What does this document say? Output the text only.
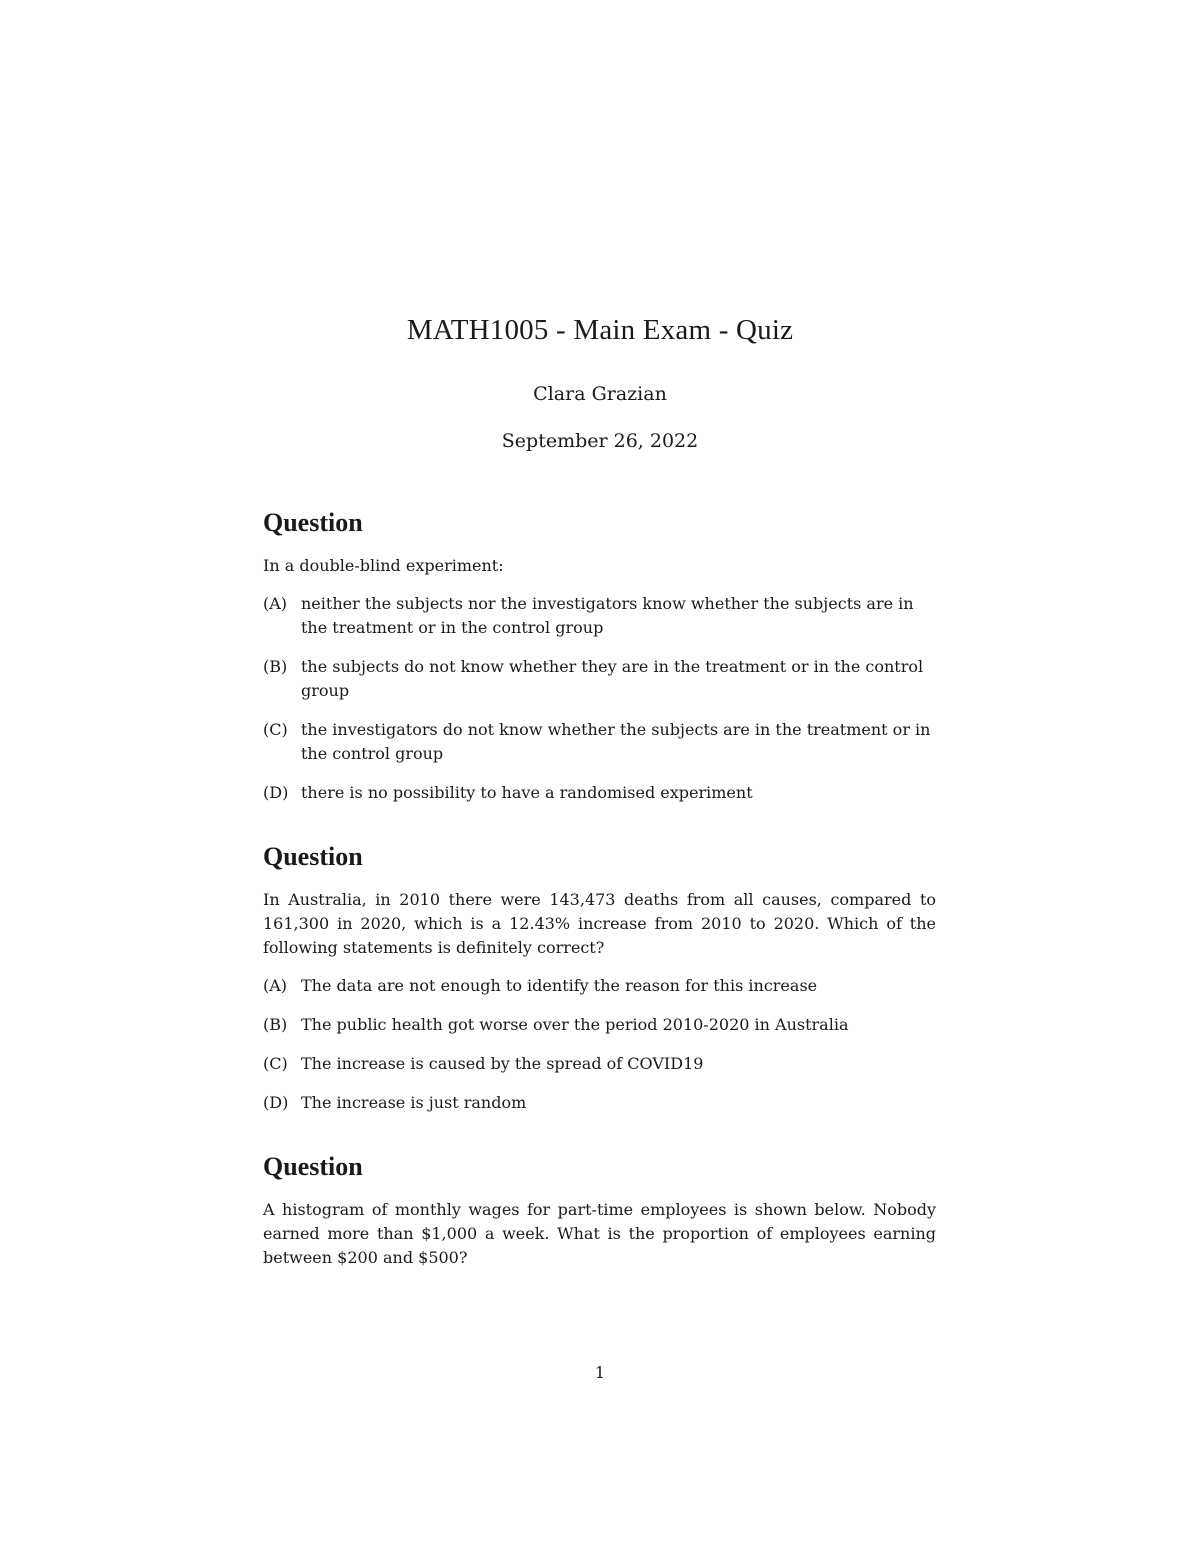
MATH1005 - Main Exam - Quiz
Clara Grazian
September 26, 2022
Question

In a double-blind experiment:

(A) neither the subjects nor the investigators know whether the subjects are in the treatment or in the control group
(B) the subjects do not know whether they are in the treatment or in the control group
(C) the investigators do not know whether the subjects are in the treatment or in the control group
(D) there is no possibility to have a randomised experiment
Question

In Australia, in 2010 there were 143,473 deaths from all causes, compared to 161,300 in 2020, which is a 12.43% increase from 2010 to 2020. Which of the following statements is definitely correct?

(A) The data are not enough to identify the reason for this increase
(B) The public health got worse over the period 2010-2020 in Australia
(C) The increase is caused by the spread of COVID19
(D) The increase is just random
Question

A histogram of monthly wages for part-time employees is shown below. Nobody earned more than $1,000 a week. What is the proportion of employees earning between $200 and $500?

1
